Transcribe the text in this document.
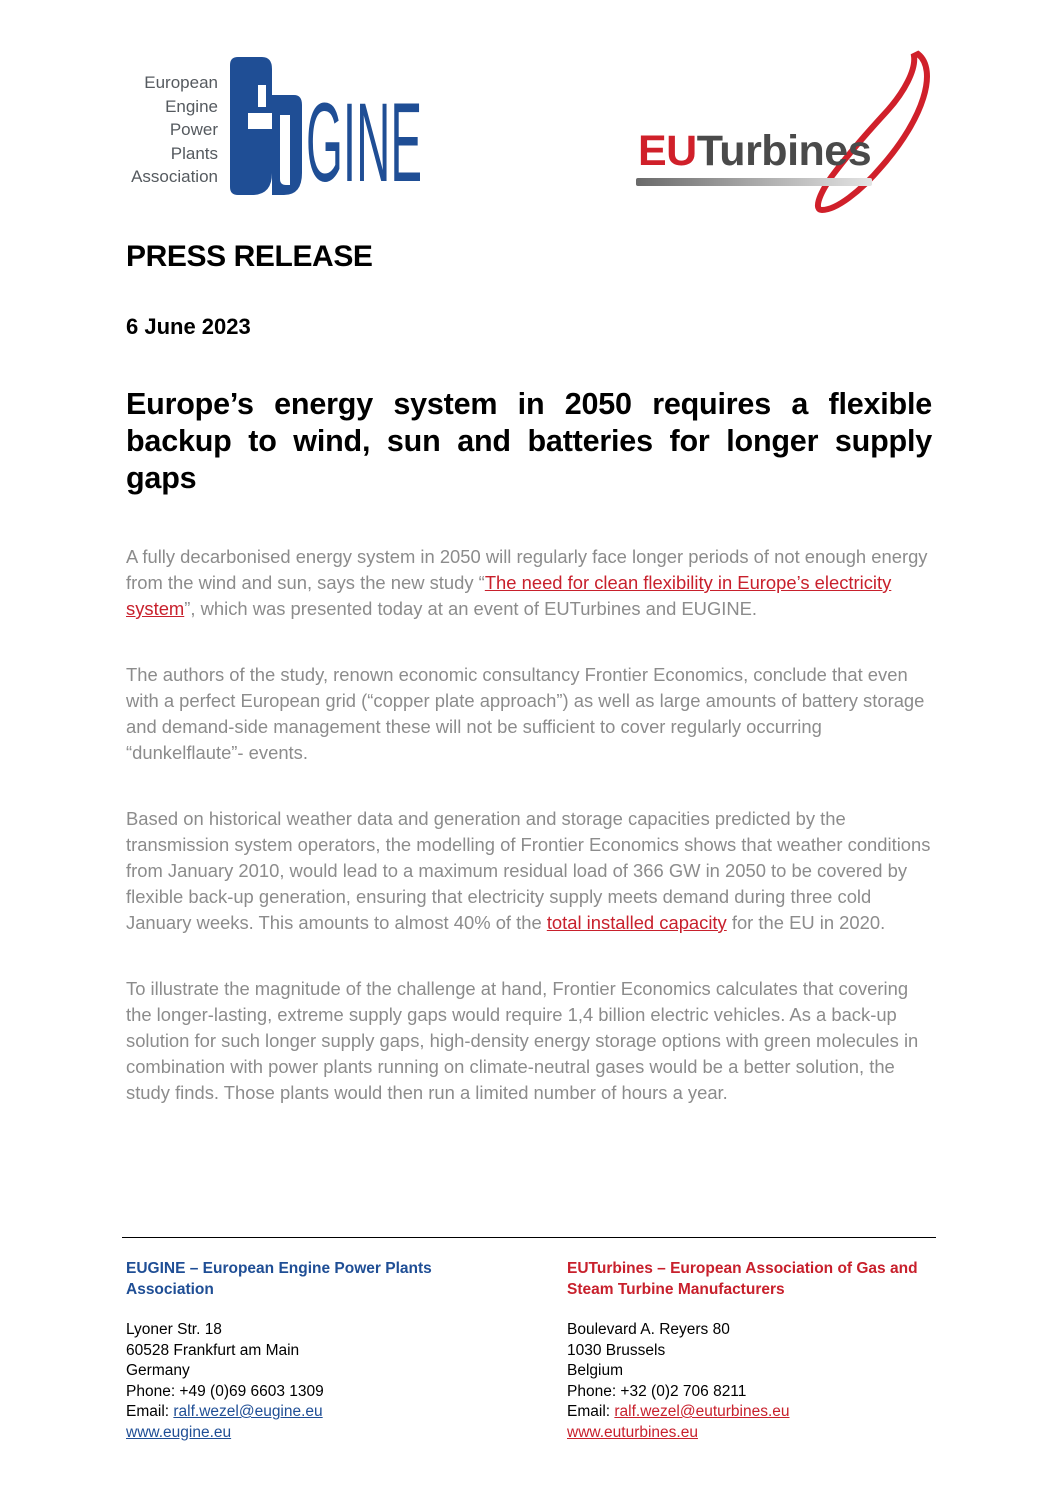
European
Engine
Power
Plants
Association GINE	EUTurbines
PRESS RELEASE
6 June 2023
Europe’s energy system in 2050 requires a flexible backup to wind, sun and batteries for longer supply gaps

A fully decarbonised energy system in 2050 will regularly face longer periods of not enough energy from the wind and sun, says the new study “The need for clean flexibility in Europe’s electricity system”, which was presented today at an event of EUTurbines and EUGINE.

The authors of the study, renown economic consultancy Frontier Economics, conclude that even with a perfect European grid (“copper plate approach”) as well as large amounts of battery storage and demand-side management these will not be sufficient to cover regularly occurring “dunkelflaute”- events.

Based on historical weather data and generation and storage capacities predicted by the transmission system operators, the modelling of Frontier Economics shows that weather conditions from January 2010, would lead to a maximum residual load of 366 GW in 2050 to be covered by flexible back-up generation, ensuring that electricity supply meets demand during three cold January weeks. This amounts to almost 40% of the total installed capacity for the EU in 2020.

To illustrate the magnitude of the challenge at hand, Frontier Economics calculates that covering the longer-lasting, extreme supply gaps would require 1,4 billion electric vehicles. As a back-up solution for such longer supply gaps, high-density energy storage options with green molecules in combination with power plants running on climate-neutral gases would be a better solution, the study finds. Those plants would then run a limited number of hours a year.

EUGINE – European Engine Power Plants Association

Lyoner Str. 18
60528 Frankfurt am Main
Germany
Phone: +49 (0)69 6603 1309
Email: ralf.wezel@eugine.eu
www.eugine.eu

EUTurbines – European Association of Gas and Steam Turbine Manufacturers

Boulevard A. Reyers 80
1030 Brussels
Belgium
Phone: +32 (0)2 706 8211
Email: ralf.wezel@euturbines.eu
www.euturbines.eu
